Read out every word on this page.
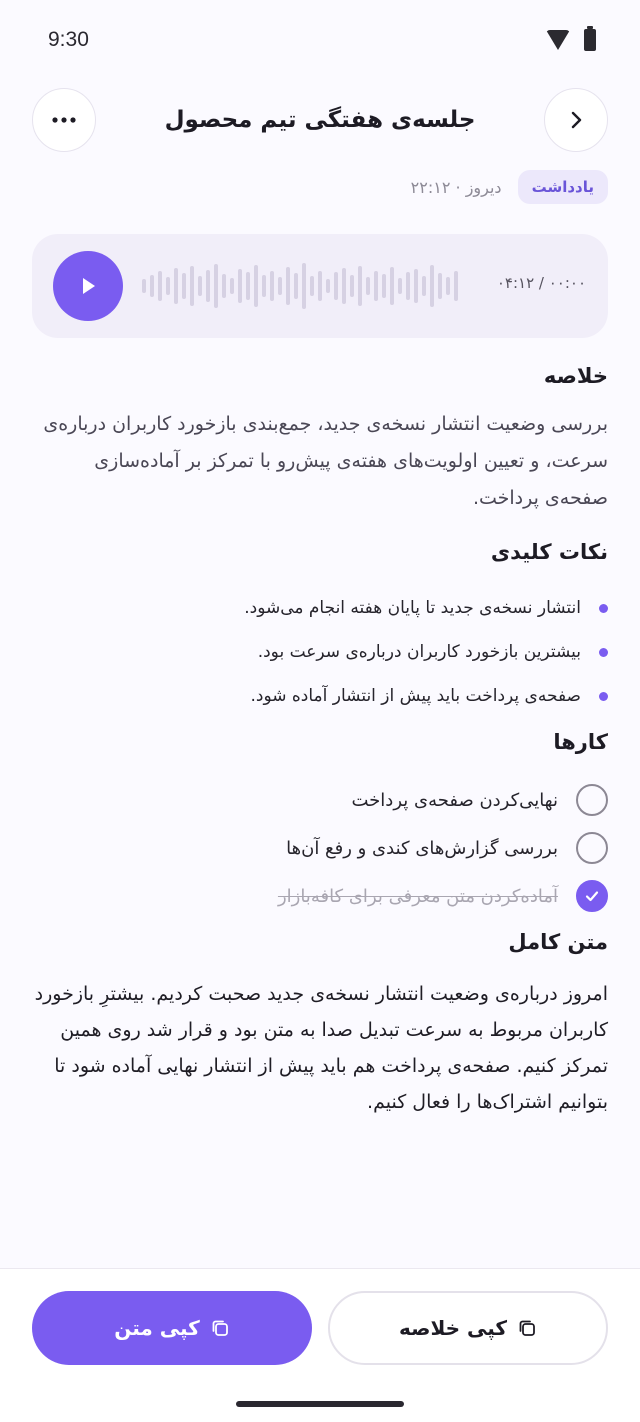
9:30
جلسه‌ی هفتگی تیم محصول
یادداشت
دیروز · ۲۲:۱۲
۰۴:۱۲ / ۰۰:۰۰
خلاصه

بررسی وضعیت انتشار نسخه‌ی جدید، جمع‌بندی بازخورد کاربران درباره‌ی سرعت، و تعیین اولویت‌های هفته‌ی پیش‌رو با تمرکز بر آماده‌سازی صفحه‌ی پرداخت.

نکات کلیدی
انتشار نسخه‌ی جدید تا پایان هفته انجام می‌شود.
بیشترین بازخورد کاربران درباره‌ی سرعت بود.
صفحه‌ی پرداخت باید پیش از انتشار آماده شود.
کارها
نهایی‌کردن صفحه‌ی پرداخت
بررسی گزارش‌های کندی و رفع آن‌ها
آماده‌کردن متن معرفی برای کافه‌بازار
متن کامل

امروز درباره‌ی وضعیت انتشار نسخه‌ی جدید صحبت کردیم. بیشترِ بازخورد کاربران مربوط به سرعت تبدیل صدا به متن بود و قرار شد روی همین تمرکز کنیم. صفحه‌ی پرداخت هم باید پیش از انتشار نهایی آماده شود تا بتوانیم اشتراک‌ها را فعال کنیم.

کپی خلاصه
کپی متن
